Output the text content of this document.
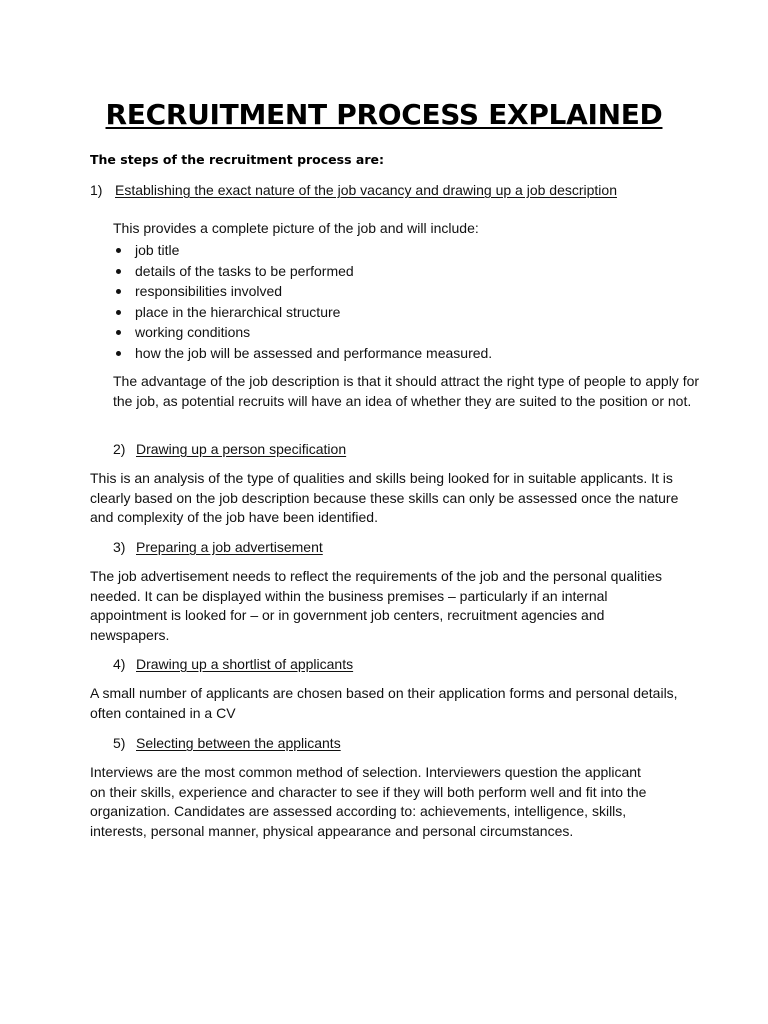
RECRUITMENT PROCESS EXPLAINED
The steps of the recruitment process are:
1) Establishing the exact nature of the job vacancy and drawing up a job description
This provides a complete picture of the job and will include:
job title
details of the tasks to be performed
responsibilities involved
place in the hierarchical structure
working conditions
how the job will be assessed and performance measured.
The advantage of the job description is that it should attract the right type of people to apply for the job, as potential recruits will have an idea of whether they are suited to the position or not.
2) Drawing up a person specification
This is an analysis of the type of qualities and skills being looked for in suitable applicants. It is clearly based on the job description because these skills can only be assessed once the nature and complexity of the job have been identified.
3) Preparing a job advertisement
The job advertisement needs to reflect the requirements of the job and the personal qualities needed. It can be displayed within the business premises – particularly if an internal appointment is looked for – or in government job centers, recruitment agencies and newspapers.
4) Drawing up a shortlist of applicants
A small number of applicants are chosen based on their application forms and personal details, often contained in a CV
5) Selecting between the applicants
Interviews are the most common method of selection. Interviewers question the applicant on their skills, experience and character to see if they will both perform well and fit into the organization. Candidates are assessed according to: achievements, intelligence, skills, interests, personal manner, physical appearance and personal circumstances.
